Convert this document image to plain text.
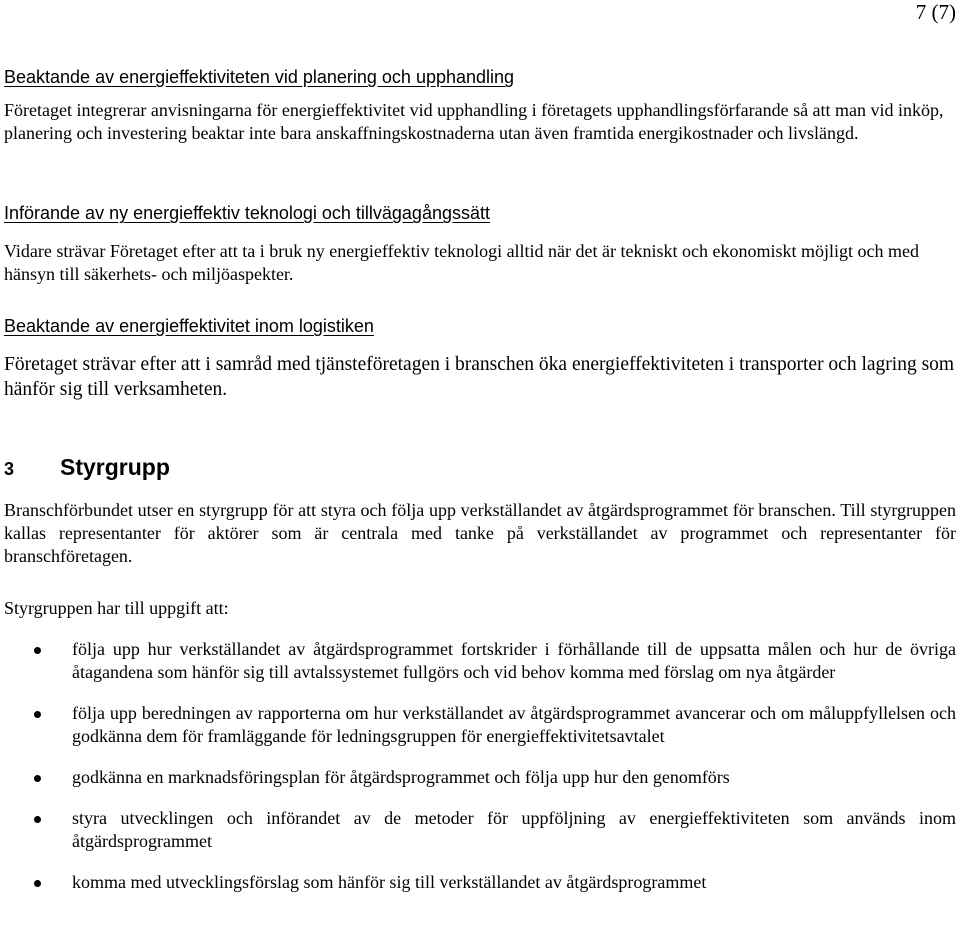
7 (7)
Beaktande av energieffektiviteten vid planering och upphandling

Företaget integrerar anvisningarna för energieffektivitet vid upphandling i företagets upphandlingsförfarande så att man vid inköp, planering och investering beaktar inte bara anskaffningskostnaderna utan även framtida energikostnader och livslängd.

Införande av ny energieffektiv teknologi och tillvägagångssätt

Vidare strävar Företaget efter att ta i bruk ny energieffektiv teknologi alltid när det är tekniskt och ekonomiskt möjligt och med hänsyn till säkerhets- och miljöaspekter.

Beaktande av energieffektivitet inom logistiken

Företaget strävar efter att i samråd med tjänsteföretagen i branschen öka energieffektiviteten i transporter och lagring som hänför sig till verksamheten.

3 Styrgrupp

Branschförbundet utser en styrgrupp för att styra och följa upp verkställandet av åtgärdsprogrammet för branschen. Till styrgruppen kallas representanter för aktörer som är centrala med tanke på verkställandet av programmet och representanter för branschföretagen.

Styrgruppen har till uppgift att:

följa upp hur verkställandet av åtgärdsprogrammet fortskrider i förhållande till de uppsatta målen och hur de övriga åtagandena som hänför sig till avtalssystemet fullgörs och vid behov komma med förslag om nya åtgärder
följa upp beredningen av rapporterna om hur verkställandet av åtgärdsprogrammet avancerar och om måluppfyllelsen och godkänna dem för framläggande för ledningsgruppen för energieffektivitetsavtalet
godkänna en marknadsföringsplan för åtgärdsprogrammet och följa upp hur den genomförs
styra utvecklingen och införandet av de metoder för uppföljning av energieffektiviteten som används inom åtgärdsprogrammet
komma med utvecklingsförslag som hänför sig till verkställandet av åtgärdsprogrammet
